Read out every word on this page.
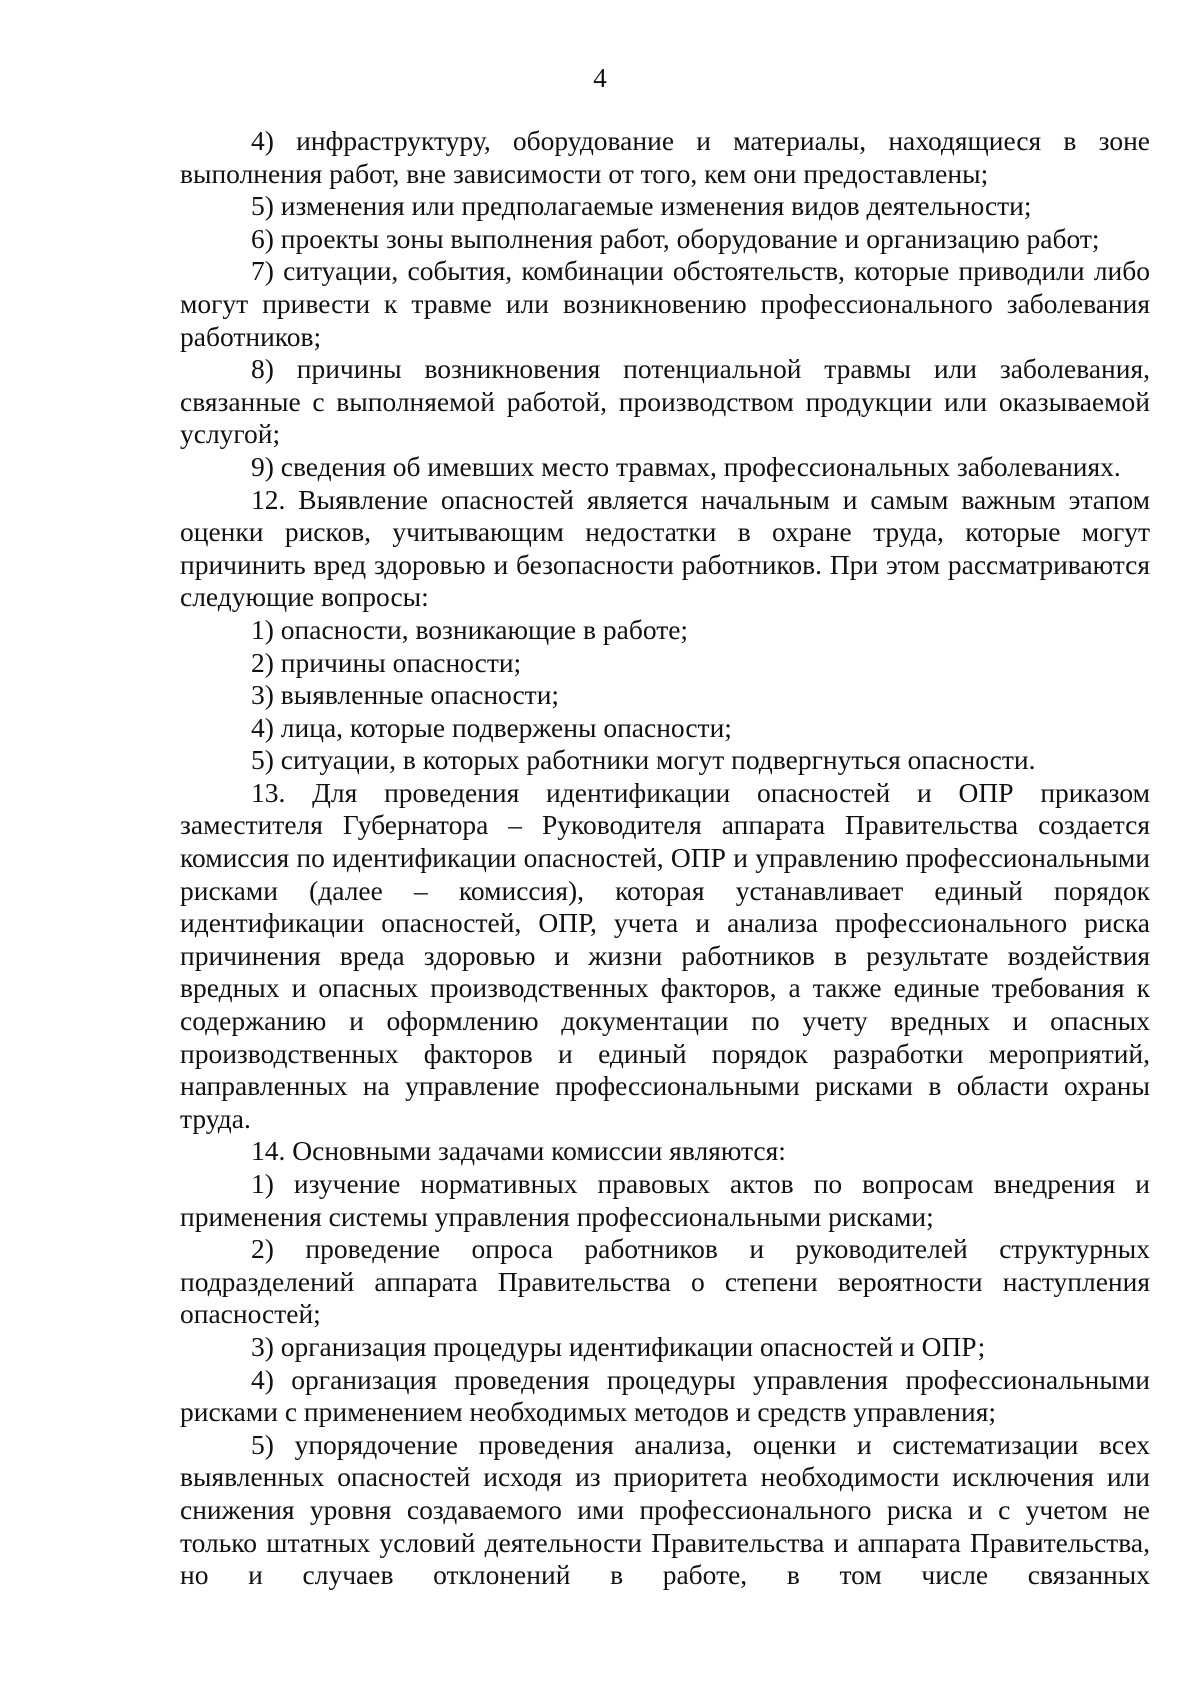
4

4) инфраструктуру, оборудование и материалы, находящиеся в зоне выполнения работ, вне зависимости от того, кем они предоставлены;

5) изменения или предполагаемые изменения видов деятельности;

6) проекты зоны выполнения работ, оборудование и организацию работ;

7) ситуации, события, комбинации обстоятельств, которые приводили либо могут привести к травме или возникновению профессионального заболевания работников;

8) причины возникновения потенциальной травмы или заболевания, связанные с выполняемой работой, производством продукции или оказываемой услугой;

9) сведения об имевших место травмах, профессиональных заболеваниях.

12. Выявление опасностей является начальным и самым важным этапом оценки рисков, учитывающим недостатки в охране труда, которые могут причинить вред здоровью и безопасности работников. При этом рассматриваются следующие вопросы:

1) опасности, возникающие в работе;

2) причины опасности;

3) выявленные опасности;

4) лица, которые подвержены опасности;

5) ситуации, в которых работники могут подвергнуться опасности.

13. Для проведения идентификации опасностей и ОПР приказом заместителя Губернатора – Руководителя аппарата Правительства создается комиссия по идентификации опасностей, ОПР и управлению профессиональными рисками (далее – комиссия), которая устанавливает единый порядок идентификации опасностей, ОПР, учета и анализа профессионального риска причинения вреда здоровью и жизни работников в результате воздействия вредных и опасных производственных факторов, а также единые требования к содержанию и оформлению документации по учету вредных и опасных производственных факторов и единый порядок разработки мероприятий, направленных на управление профессиональными рисками в области охраны труда.

14. Основными задачами комиссии являются:

1) изучение нормативных правовых актов по вопросам внедрения и применения системы управления профессиональными рисками;

2) проведение опроса работников и руководителей структурных подразделений аппарата Правительства о степени вероятности наступления опасностей;

3) организация процедуры идентификации опасностей и ОПР;

4) организация проведения процедуры управления профессиональными рисками с применением необходимых методов и средств управления;

5) упорядочение проведения анализа, оценки и систематизации всех выявленных опасностей исходя из приоритета необходимости исключения или снижения уровня создаваемого ими профессионального риска и с учетом не только штатных условий деятельности Правительства и аппарата Правительства, но и случаев отклонений в работе, в том числе связанных
